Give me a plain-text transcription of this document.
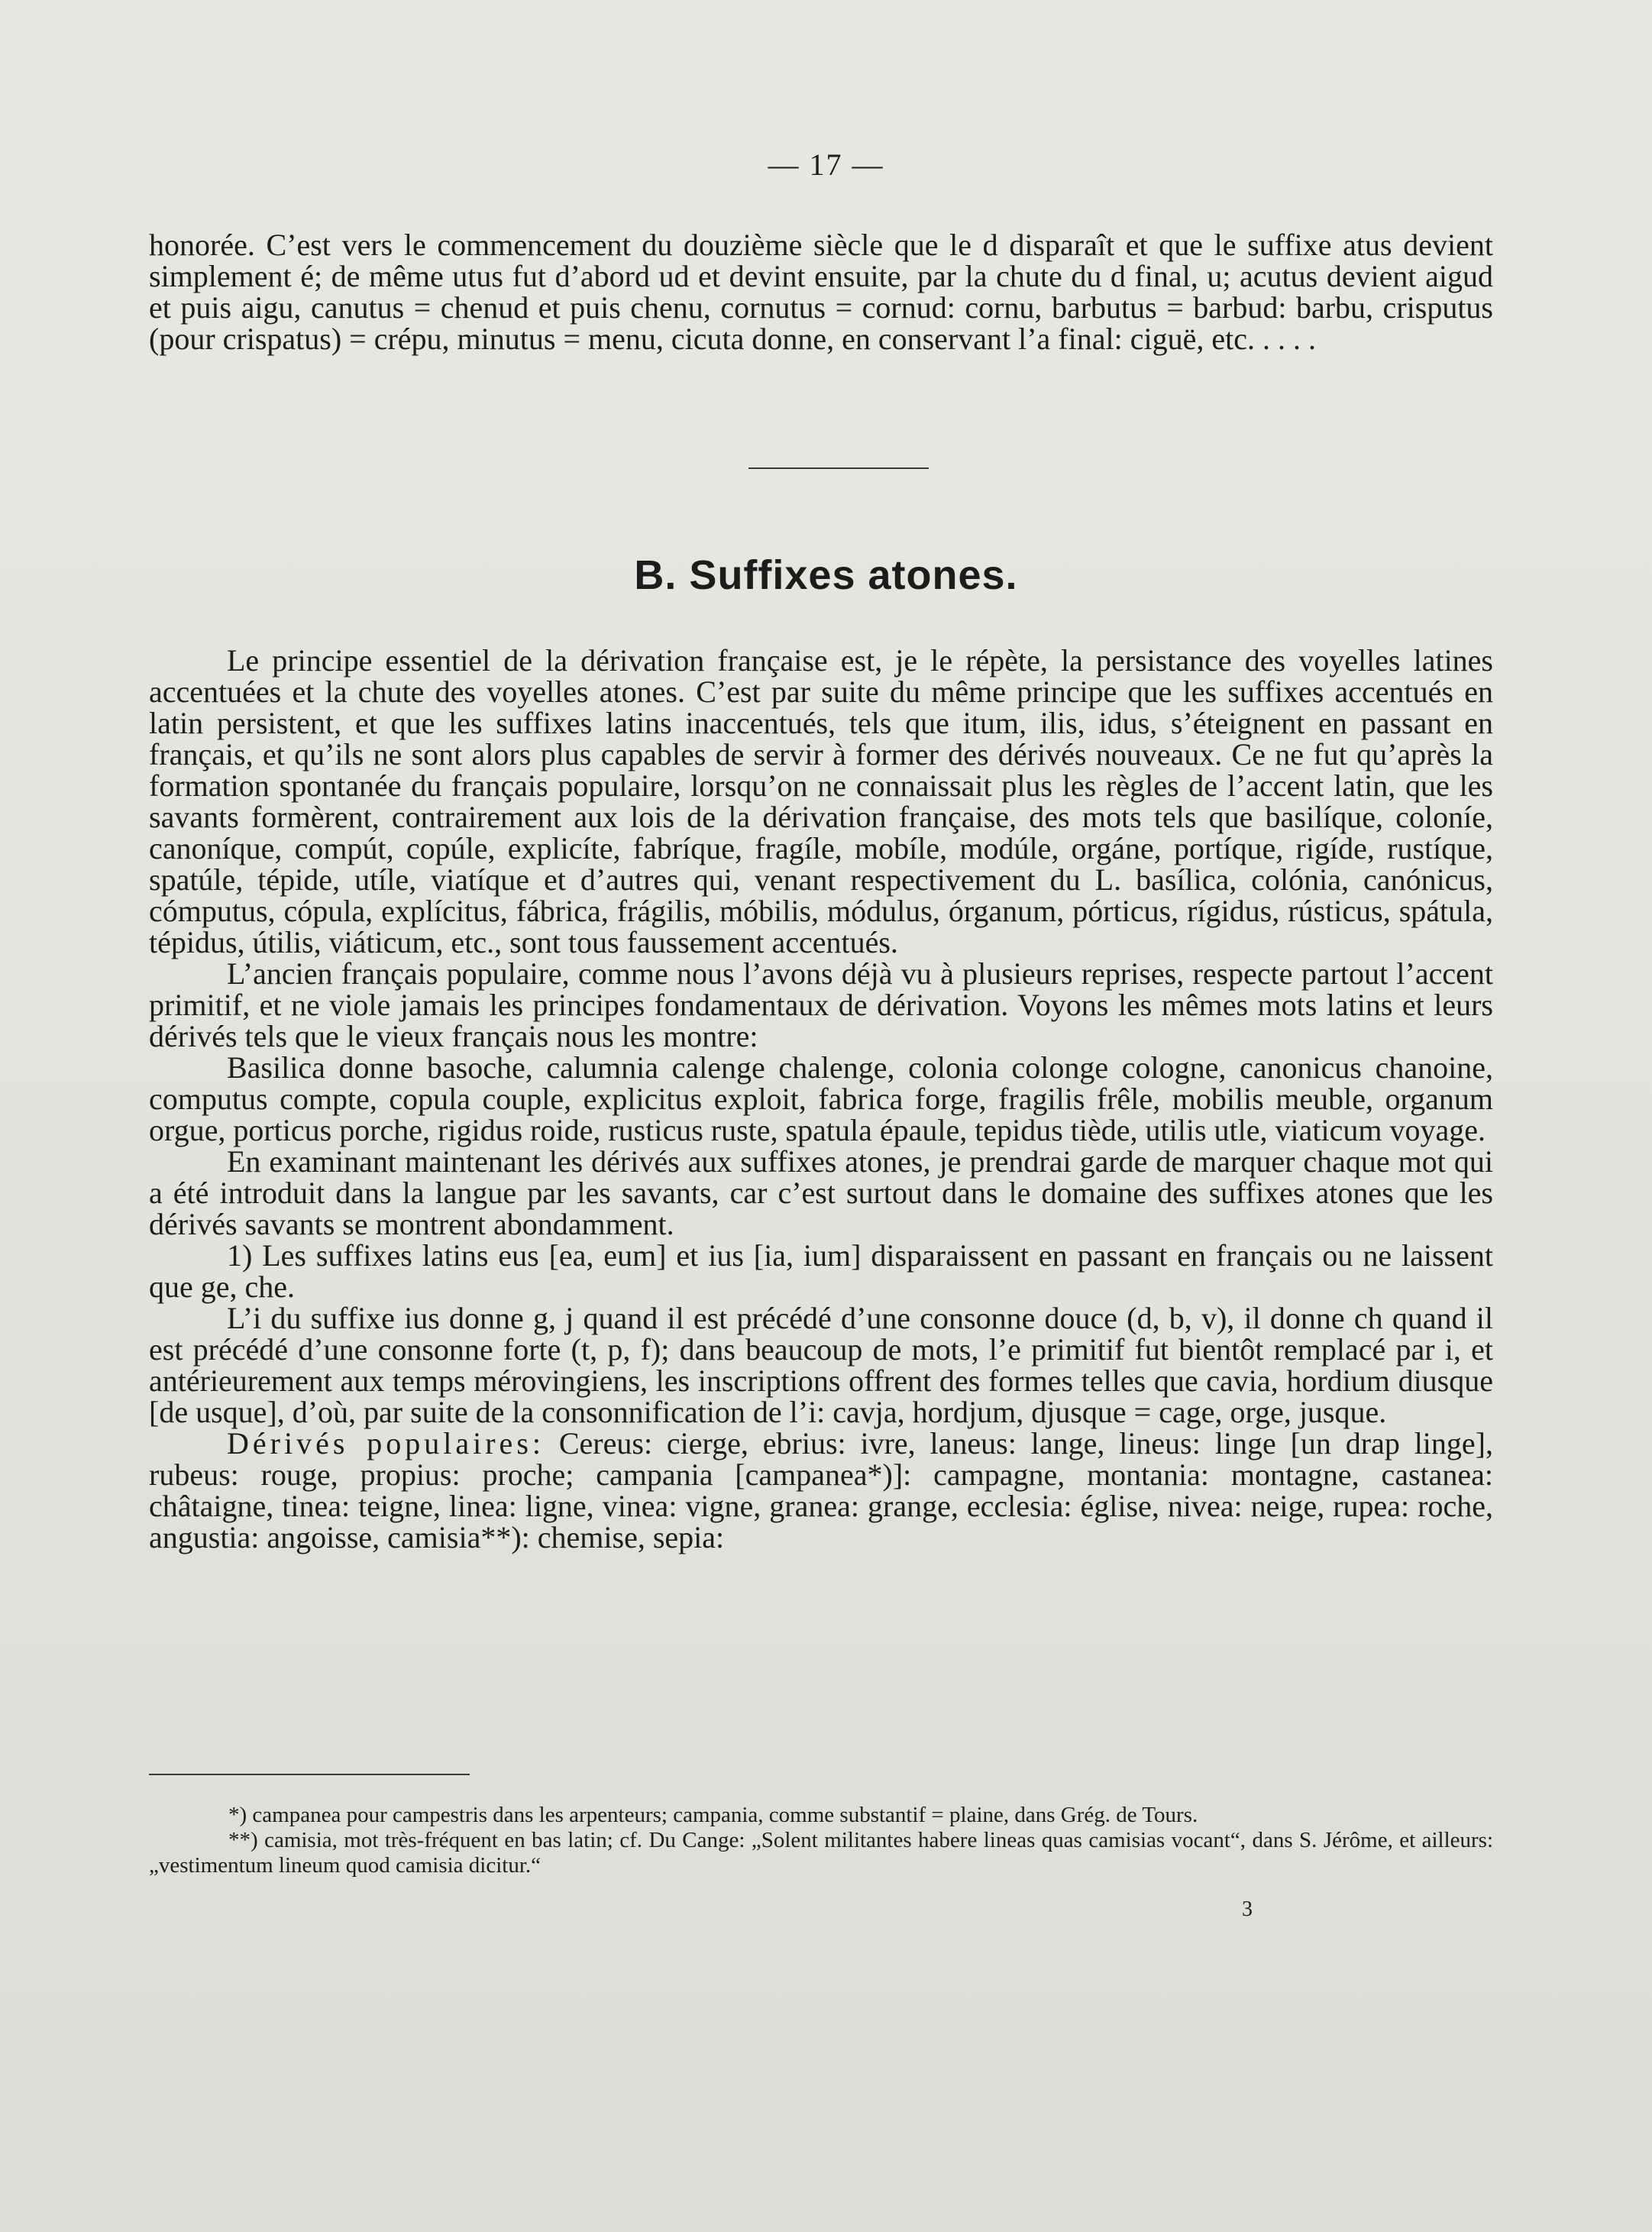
— 17 —

honorée. C’est vers le commencement du douzième siècle que le d disparaît et que le suffixe atus devient simplement é; de même utus fut d’abord ud et devint ensuite, par la chute du d final, u; acutus devient aigud et puis aigu, canutus = chenud et puis chenu, cornutus = cornud: cornu, barbutus = barbud: barbu, crisputus (pour crispatus) = crépu, minutus = menu, cicuta donne, en conservant l’a final: ciguë, etc. . . . .

B. Suffixes atones.

Le principe essentiel de la dérivation française est, je le répète, la persistance des voyelles latines accentuées et la chute des voyelles atones. C’est par suite du même principe que les suffixes accentués en latin persistent, et que les suffixes latins inaccentués, tels que itum, ilis, idus, s’éteignent en passant en français, et qu’ils ne sont alors plus capables de servir à former des dérivés nouveaux. Ce ne fut qu’après la formation spontanée du français populaire, lorsqu’on ne connaissait plus les règles de l’accent latin, que les savants formèrent, contrairement aux lois de la dérivation française, des mots tels que basilíque, coloníe, canoníque, compút, copúle, explicíte, fabríque, fragíle, mobíle, modúle, orgáne, portíque, rigíde, rustíque, spatúle, tépide, utíle, viatíque et d’autres qui, venant respectivement du L. basílica, colónia, canónicus, cómputus, cópula, explícitus, fábrica, frágilis, móbilis, módulus, órganum, pórticus, rígidus, rústicus, spátula, tépidus, útilis, viáticum, etc., sont tous faussement accentués.

L’ancien français populaire, comme nous l’avons déjà vu à plusieurs reprises, respecte partout l’accent primitif, et ne viole jamais les principes fondamentaux de dérivation. Voyons les mêmes mots latins et leurs dérivés tels que le vieux français nous les montre:

Basilica donne basoche, calumnia calenge chalenge, colonia colonge cologne, canonicus chanoine, computus compte, copula couple, explicitus exploit, fabrica forge, fragilis frêle, mobilis meuble, organum orgue, porticus porche, rigidus roide, rusticus ruste, spatula épaule, tepidus tiède, utilis utle, viaticum voyage.

En examinant maintenant les dérivés aux suffixes atones, je prendrai garde de marquer chaque mot qui a été introduit dans la langue par les savants, car c’est surtout dans le domaine des suffixes atones que les dérivés savants se montrent abondamment.

1) Les suffixes latins eus [ea, eum] et ius [ia, ium] disparaissent en passant en français ou ne laissent que ge, che.

L’i du suffixe ius donne g, j quand il est précédé d’une consonne douce (d, b, v), il donne ch quand il est précédé d’une consonne forte (t, p, f); dans beaucoup de mots, l’e primitif fut bientôt remplacé par i, et antérieurement aux temps mérovingiens, les inscriptions offrent des formes telles que cavia, hordium diusque [de usque], d’où, par suite de la consonnification de l’i: cavja, hordjum, djusque = cage, orge, jusque.

Dérivés populaires: Cereus: cierge, ebrius: ivre, laneus: lange, lineus: linge [un drap linge], rubeus: rouge, propius: proche; campania [campanea*)]: campagne, montania: montagne, castanea: châtaigne, tinea: teigne, linea: ligne, vinea: vigne, granea: grange, ecclesia: église, nivea: neige, rupea: roche, angustia: angoisse, camisia**): chemise, sepia:

*) campanea pour campestris dans les arpenteurs; campania, comme substantif = plaine, dans Grég. de Tours.

**) camisia, mot très-fréquent en bas latin; cf. Du Cange: „Solent militantes habere lineas quas camisias vocant“, dans S. Jérôme, et ailleurs: „vestimentum lineum quod camisia dicitur.“

3
